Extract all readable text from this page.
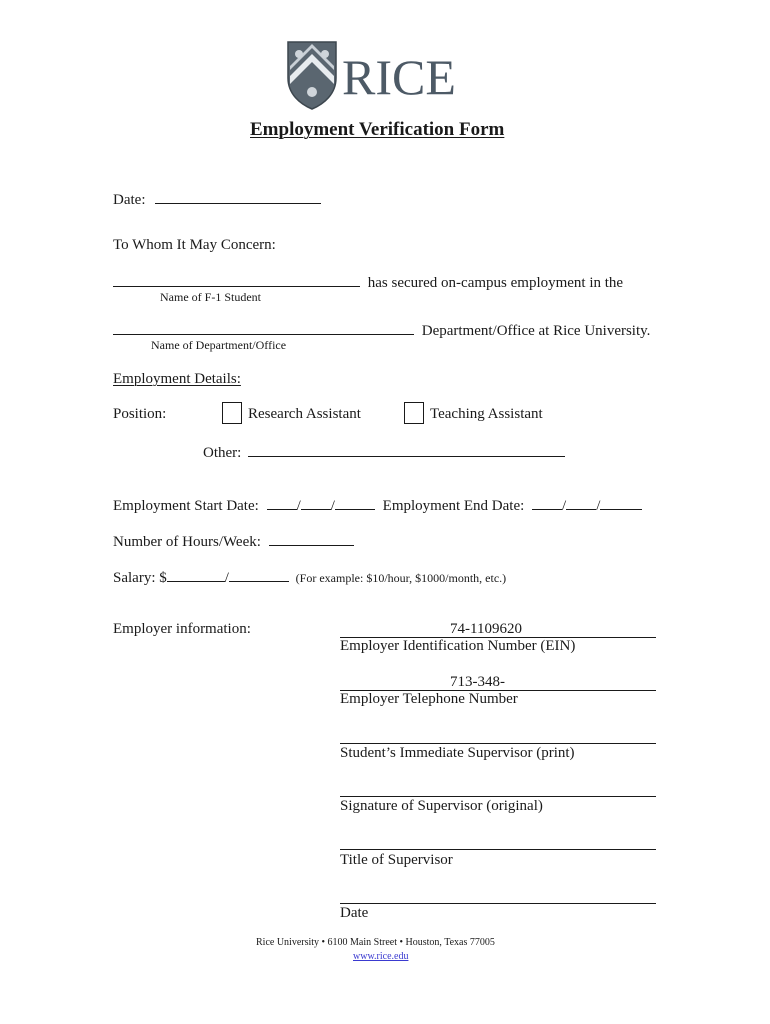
RICE
Employment Verification Form
Date:
To Whom It May Concern:
has secured on-campus employment in the
Name of F-1 Student
Department/Office at Rice University.
Name of Department/Office
Employment Details:
Position:	Research Assistant	Teaching Assistant
Other:
Employment Start Date:	/ /	Employment End Date:	/ /
Number of Hours/Week:
Salary: $	/	(For example: $10/hour, $1000/month, etc.)
Employer information:	74-1109620
Employer Identification Number (EIN)
713-348-
Employer Telephone Number
Student’s Immediate Supervisor (print)
Signature of Supervisor (original)
Title of Supervisor
Date
Rice University • 6100 Main Street • Houston, Texas 77005
www.rice.edu
